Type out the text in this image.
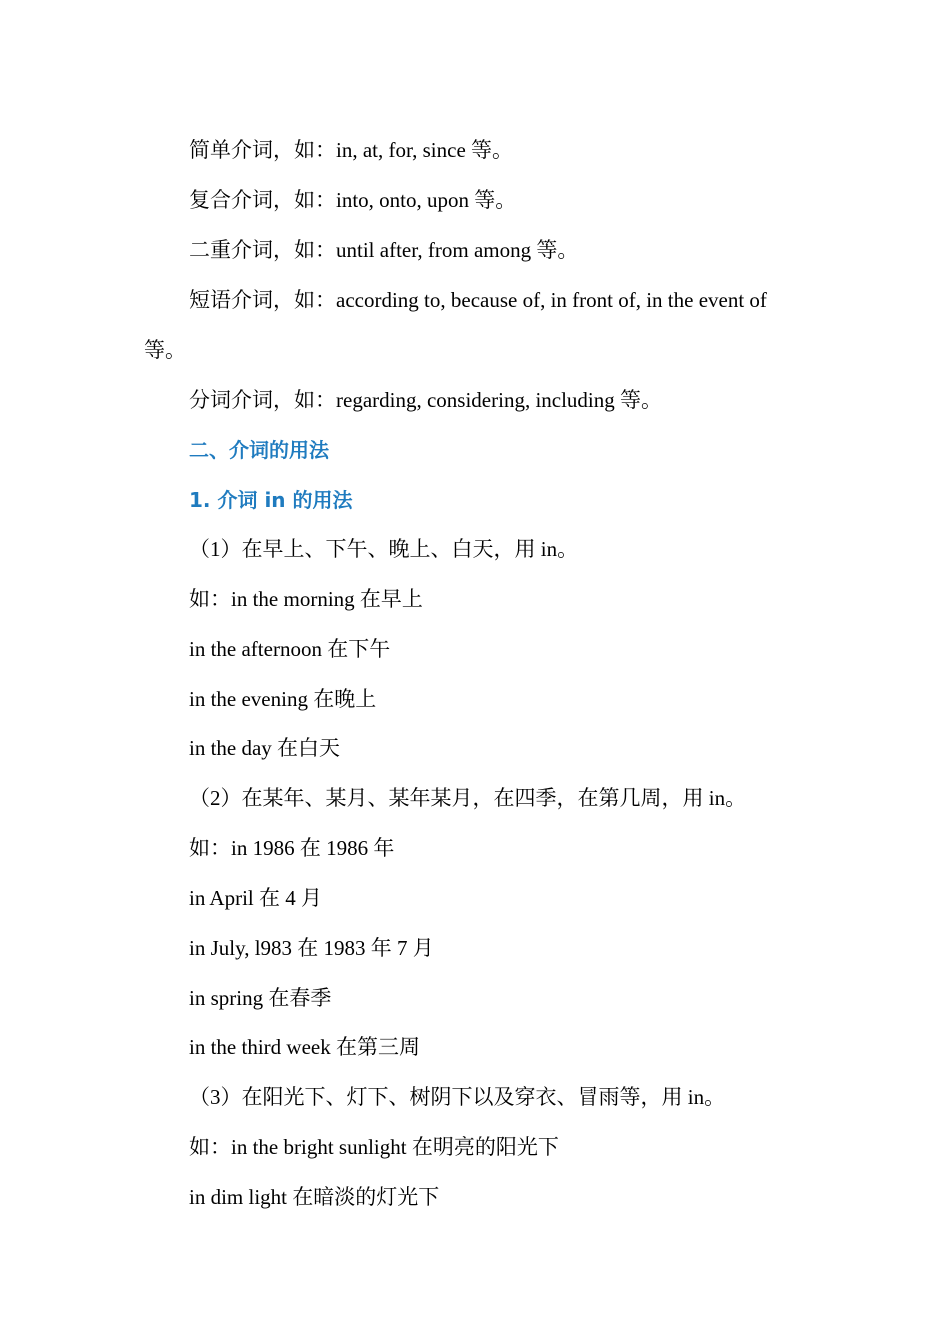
简单介词，如：in, at, for, since 等。
复合介词，如：into, onto, upon 等。
二重介词，如：until after, from among 等。
短语介词，如：according to, because of, in front of, in the event of
等。
分词介词，如：regarding, considering, including 等。
二、介词的用法
1. 介词 in 的用法
（1）在早上、下午、晚上、白天，用 in。
如：in the morning 在早上
in the afternoon 在下午
in the evening 在晚上
in the day 在白天
（2）在某年、某月、某年某月，在四季，在第几周，用 in。
如：in 1986 在 1986 年
in April 在 4 月
in July, l983 在 1983 年 7 月
in spring 在春季
in the third week 在第三周
（3）在阳光下、灯下、树阴下以及穿衣、冒雨等，用 in。
如：in the bright sunlight 在明亮的阳光下
in dim light 在暗淡的灯光下
